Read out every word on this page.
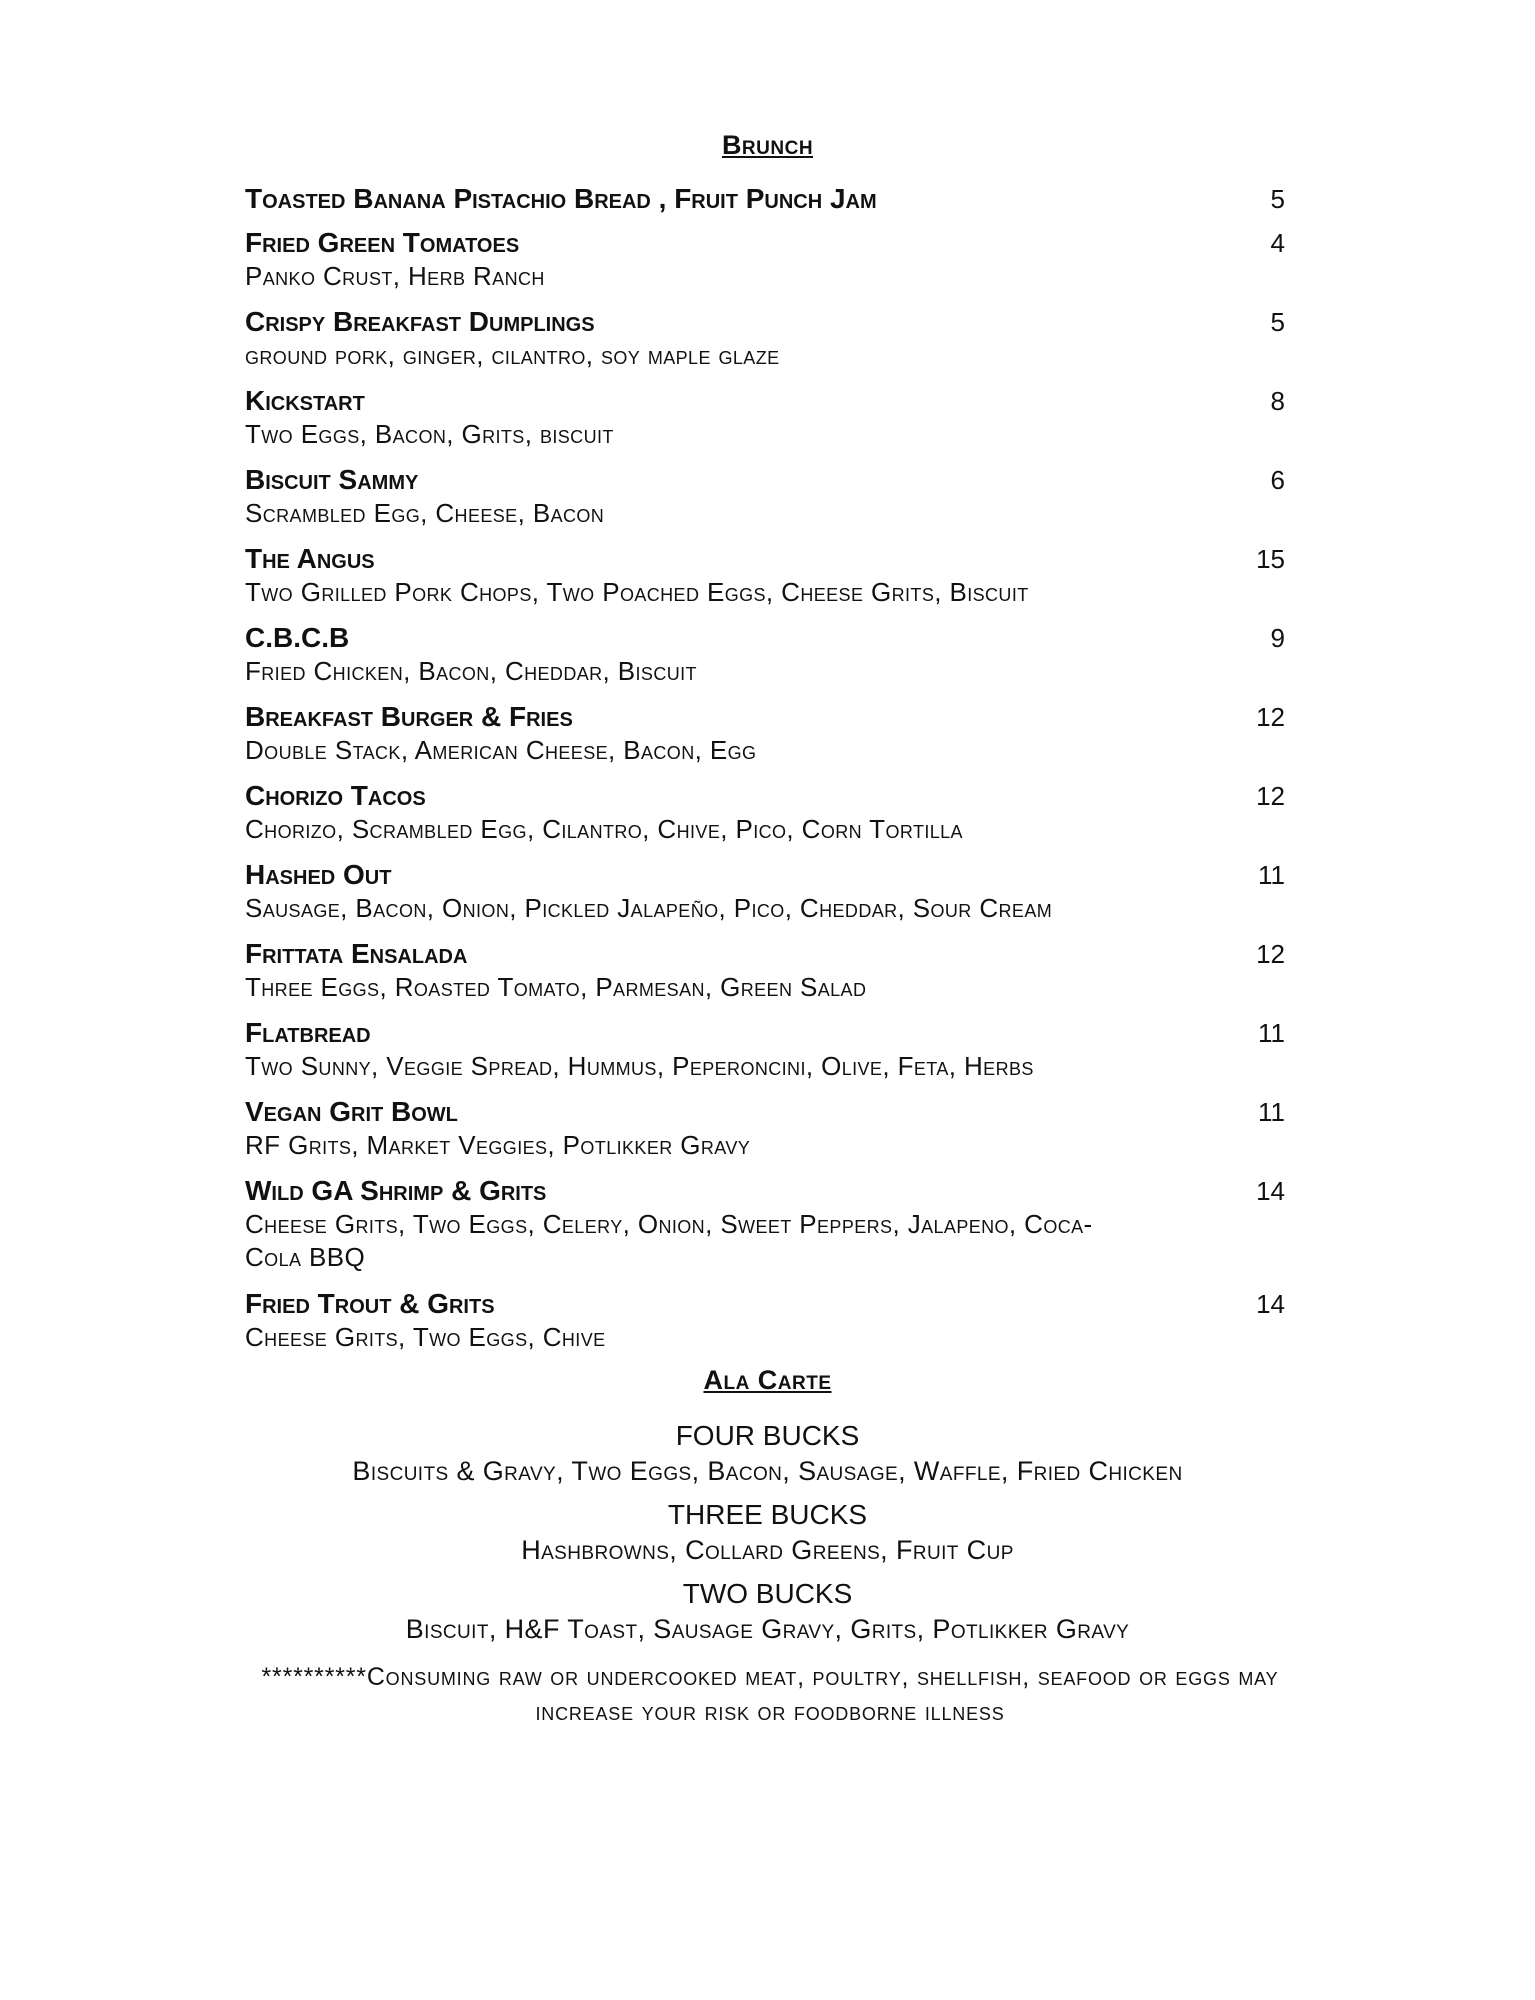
Brunch
Toasted Banana Pistachio Bread , Fruit Punch Jam	5
Fried Green Tomatoes
Panko Crust, Herb Ranch
4
Crispy Breakfast Dumplings
ground pork, ginger, cilantro, soy maple glaze
5
Kickstart
Two Eggs, Bacon, Grits, biscuit
8
Biscuit Sammy
Scrambled Egg, Cheese, Bacon
6
The Angus
Two Grilled Pork Chops, Two Poached Eggs, Cheese Grits, Biscuit
15
C.B.C.B
Fried Chicken, Bacon, Cheddar, Biscuit
9
Breakfast Burger & Fries
Double Stack, American Cheese, Bacon, Egg
12
Chorizo Tacos
Chorizo, Scrambled Egg, Cilantro, Chive, Pico, Corn Tortilla
12
Hashed Out
Sausage, Bacon, Onion, Pickled Jalapeño, Pico, Cheddar, Sour Cream
11
Frittata Ensalada
Three Eggs, Roasted Tomato, Parmesan, Green Salad
12
Flatbread
Two Sunny, Veggie Spread, Hummus, Peperoncini, Olive, Feta, Herbs
11
Vegan Grit Bowl
RF Grits, Market Veggies, Potlikker Gravy
11
Wild GA Shrimp & Grits
Cheese Grits, Two Eggs, Celery, Onion, Sweet Peppers, Jalapeno, Coca-Cola BBQ
14
Fried Trout & Grits
Cheese Grits, Two Eggs, Chive
14
Ala Carte
FOUR BUCKS
Biscuits & Gravy, Two Eggs, Bacon, Sausage, Waffle, Fried Chicken
THREE BUCKS
Hashbrowns, Collard Greens, Fruit Cup
TWO BUCKS
Biscuit, H&F Toast, Sausage Gravy, Grits, Potlikker Gravy
**********Consuming raw or undercooked meat, poultry, shellfish, seafood or eggs may increase your risk or foodborne illness
